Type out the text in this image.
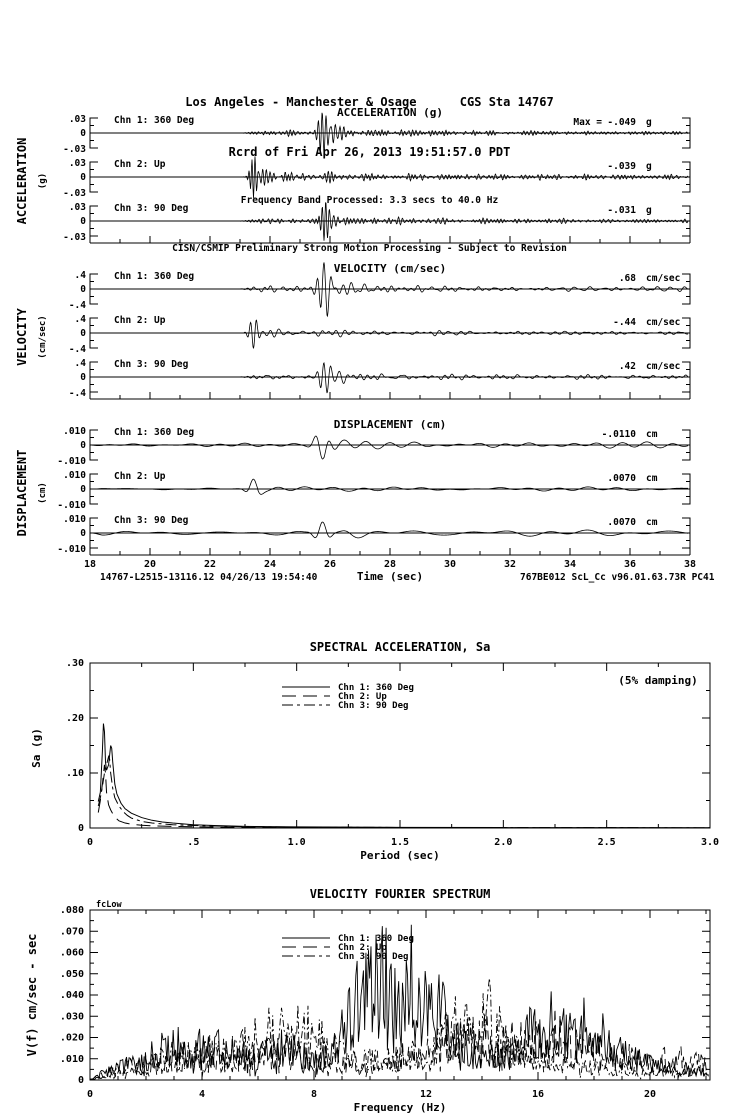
Los Angeles - Manchester & Osage      CGS Sta 14767

Rcrd of Fri Apr 26, 2013 19:51:57.0 PDT

Frequency Band Processed: 3.3 secs to 40.0 Hz

CISN/CSMIP Preliminary Strong Motion Processing - Subject to Revision

ACCELERATION (g)
ACCELERATION (g)
.03
0
-.03
Chn 1: 360 Deg	Max = -.049 g
.03
0
-.03
Chn 2: Up	-.039 g
.03
0
-.03
Chn 3: 90 Deg	-.031 g
VELOCITY (cm/sec)
VELOCITY (cm/sec)
.4
0
-.4
Chn 1: 360 Deg	.68 cm/sec
.4
0
-.4
Chn 2: Up	-.44 cm/sec
.4
0
-.4
Chn 3: 90 Deg	.42 cm/sec
DISPLACEMENT (cm)
DISPLACEMENT (cm)
.010
0
-.010
Chn 1: 360 Deg	-.0110 cm
.010
0
-.010
Chn 2: Up	.0070 cm
.010
0
-.010
Chn 3: 90 Deg	.0070 cm
18	20	22	24	26	28	30	32	34	36	38
Time (sec)
14767-L2515-13116.12 04/26/13 19:54:40	767BE012 ScL_Cc v96.01.63.73R PC41
SPECTRAL ACCELERATION, Sa
0	.5	1.0	1.5	2.0	2.5	3.0
0
.10
.20
.30
Period (sec)
Sa (g)
(5% damping)
Chn 1: 360 Deg
Chn 2: Up
Chn 3: 90 Deg
VELOCITY FOURIER SPECTRUM
fcLow
0	4	8	12	16	20
0
.010
.020
.030
.040
.050
.060
.070
.080
Frequency (Hz)
V(f) cm/sec - sec	Chn 1: 360 Deg
Chn 2: Up
Chn 3: 90 Deg
